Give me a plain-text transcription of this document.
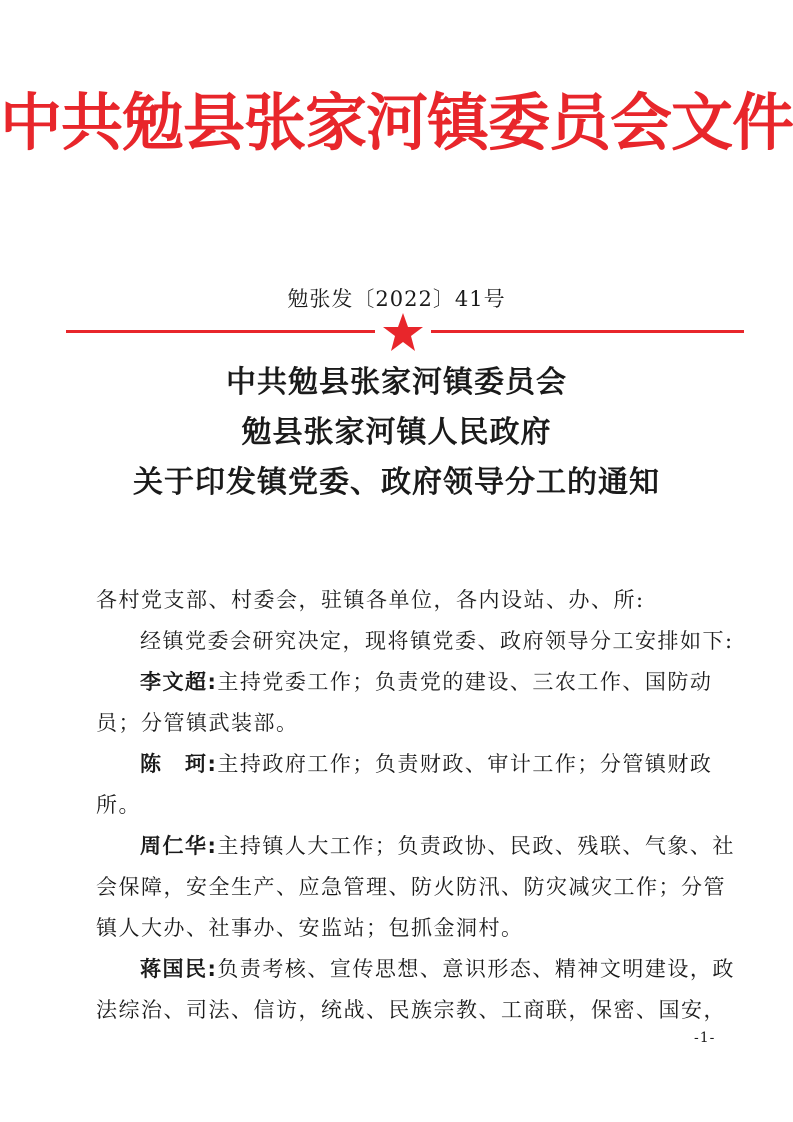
中共勉县张家河镇委员会文件
勉张发〔2022〕41号
中共勉县张家河镇委员会
勉县张家河镇人民政府
关于印发镇党委、政府领导分工的通知

各村党支部、村委会，驻镇各单位，各内设站、办、所:

经镇党委会研究决定，现将镇党委、政府领导分工安排如下:

李文超:主持党委工作；负责党的建设、三农工作、国防动员；分管镇武装部。

陈　珂:主持政府工作；负责财政、审计工作；分管镇财政所。

周仁华:主持镇人大工作；负责政协、民政、残联、气象、社会保障，安全生产、应急管理、防火防汛、防灾减灾工作；分管镇人大办、社事办、安监站；包抓金洞村。

蒋国民:负责考核、宣传思想、意识形态、精神文明建设，政法综治、司法、信访，统战、民族宗教、工商联，保密、国安，

-1-
